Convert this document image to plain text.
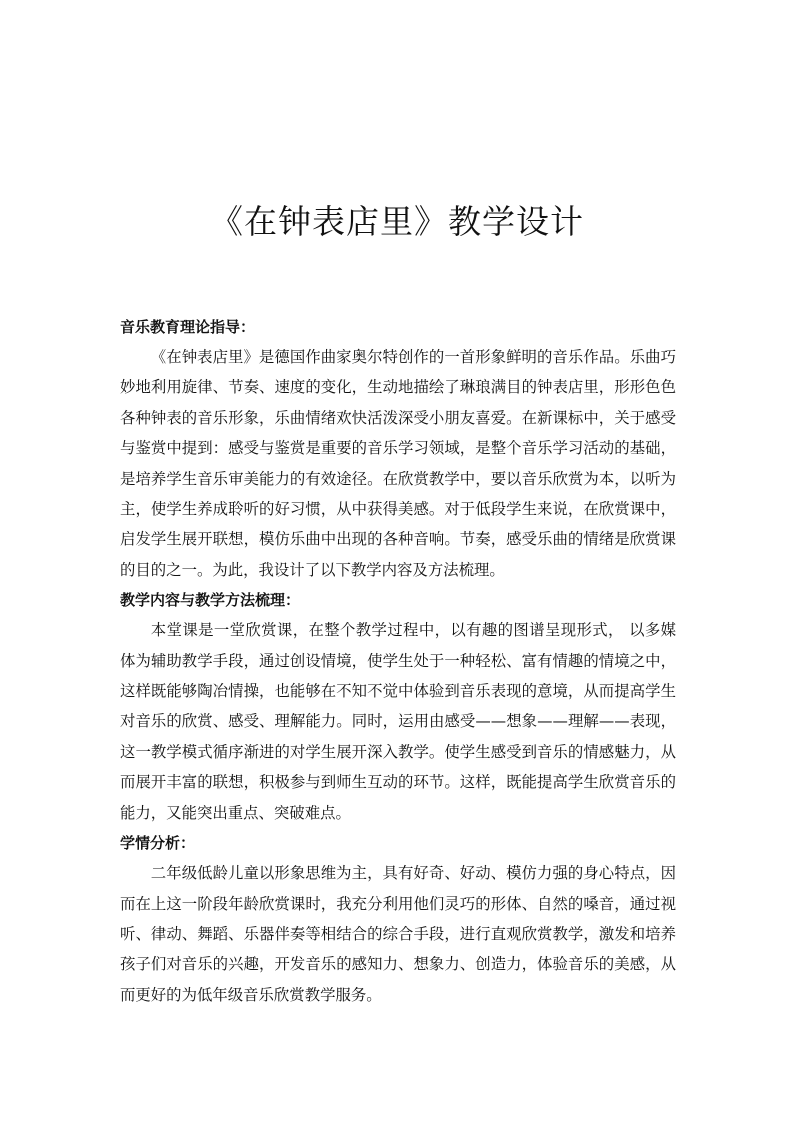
《在钟表店里》教学设计

音乐教育理论指导：

《在钟表店里》是德国作曲家奥尔特创作的一首形象鲜明的音乐作品。乐曲巧妙地利用旋律、节奏、速度的变化，生动地描绘了琳琅满目的钟表店里，形形色色各种钟表的音乐形象，乐曲情绪欢快活泼深受小朋友喜爱。在新课标中，关于感受与鉴赏中提到：感受与鉴赏是重要的音乐学习领域，是整个音乐学习活动的基础，是培养学生音乐审美能力的有效途径。在欣赏教学中，要以音乐欣赏为本，以听为主，使学生养成聆听的好习惯，从中获得美感。对于低段学生来说，在欣赏课中，启发学生展开联想，模仿乐曲中出现的各种音响。节奏，感受乐曲的情绪是欣赏课的目的之一。为此，我设计了以下教学内容及方法梳理。

教学内容与教学方法梳理：

本堂课是一堂欣赏课，在整个教学过程中，以有趣的图谱呈现形式， 以多媒体为辅助教学手段，通过创设情境，使学生处于一种轻松、富有情趣的情境之中，这样既能够陶冶情操，也能够在不知不觉中体验到音乐表现的意境，从而提高学生对音乐的欣赏、感受、理解能力。同时，运用由感受——想象——理解——表现，这一教学模式循序渐进的对学生展开深入教学。使学生感受到音乐的情感魅力，从而展开丰富的联想，积极参与到师生互动的环节。这样，既能提高学生欣赏音乐的能力，又能突出重点、突破难点。

学情分析：

二年级低龄儿童以形象思维为主，具有好奇、好动、模仿力强的身心特点，因而在上这一阶段年龄欣赏课时，我充分利用他们灵巧的形体、自然的嗓音，通过视听、律动、舞蹈、乐器伴奏等相结合的综合手段，进行直观欣赏教学，激发和培养孩子们对音乐的兴趣，开发音乐的感知力、想象力、创造力，体验音乐的美感，从而更好的为低年级音乐欣赏教学服务。
